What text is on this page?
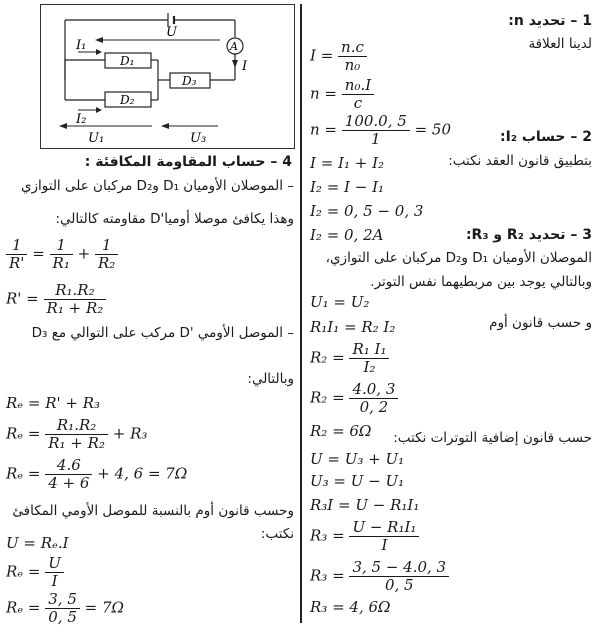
U
A
I
I₁
I₂
D₁
D₂
D₃
U₁	U₃
4 – حساب المقاومة المكافئة :
– الموصلان الأوميان D₁ وD₂ مركبان على التوازي
وهذا يكافئ موصلا أوميا'D مقاومته كالتالي:
$\frac{1}{R'} = \frac{1}{\text{R₁}} + \frac{1}{\text{R₂}}$
$R' = \frac{\text{R₁.R₂}}{\text{R₁ + R₂}}$
– الموصل الأومي 'D مركب على التوالي مع D₃
وبالتالي:
Rₑ = R' + R₃
$R_e = \frac{\text{R₁.R₂}}{\text{R₁ + R₂}} + R_3$
$R_e = \frac{4.6}{4 + 6} + 4$, 6 = 7Ω
وحسب قانون أوم بالنسبة للموصل الأومي المكافئ
نكتب:
U = Rₑ.I
$R_e = \frac{U}{I}$
$R_e = \frac{3, 5}{0, 5} = 7\Omega$
1 – تحديد n:
لدينا العلاقة
$I = \frac{n.c}{\text{n₀}}$
$n = \frac{\text{n₀.I}}{c}$
$n = \frac{100.0, 5}{1} = 50$	2 – حساب I₂:
بتطبيق قانون العقد نكتب:
I = I₁ + I₂
I₂ = I − I₁
I₂ = 0, 5 − 0, 3
I₂ = 0, 2A	3 – تحديد R₂ و R₃:
الموصلان الأوميان D₁ وD₂ مركبان على التوازي،
وبالتالي يوجد بين مربطيهما نفس التوتر.
U₁ = U₂
و حسب قانون أوم
R₁I₁ = R₂ I₂
$R_2 = \frac{\text{R₁ I₁}}{\text{I₂}}$
$R_2 = \frac{4.0, 3}{0, 2}$
R₂ = 6Ω حسب قانون إضافية التوترات نكتب:
U = U₃ + U₁
U₃ = U − U₁
R₃I = U − R₁I₁
$R_3 = \frac{\text{U − R₁I₁}}{I}$
$R_3 = \frac{3, 5 - 4.0, 3}{0, 5}$
R₃ = 4, 6Ω
